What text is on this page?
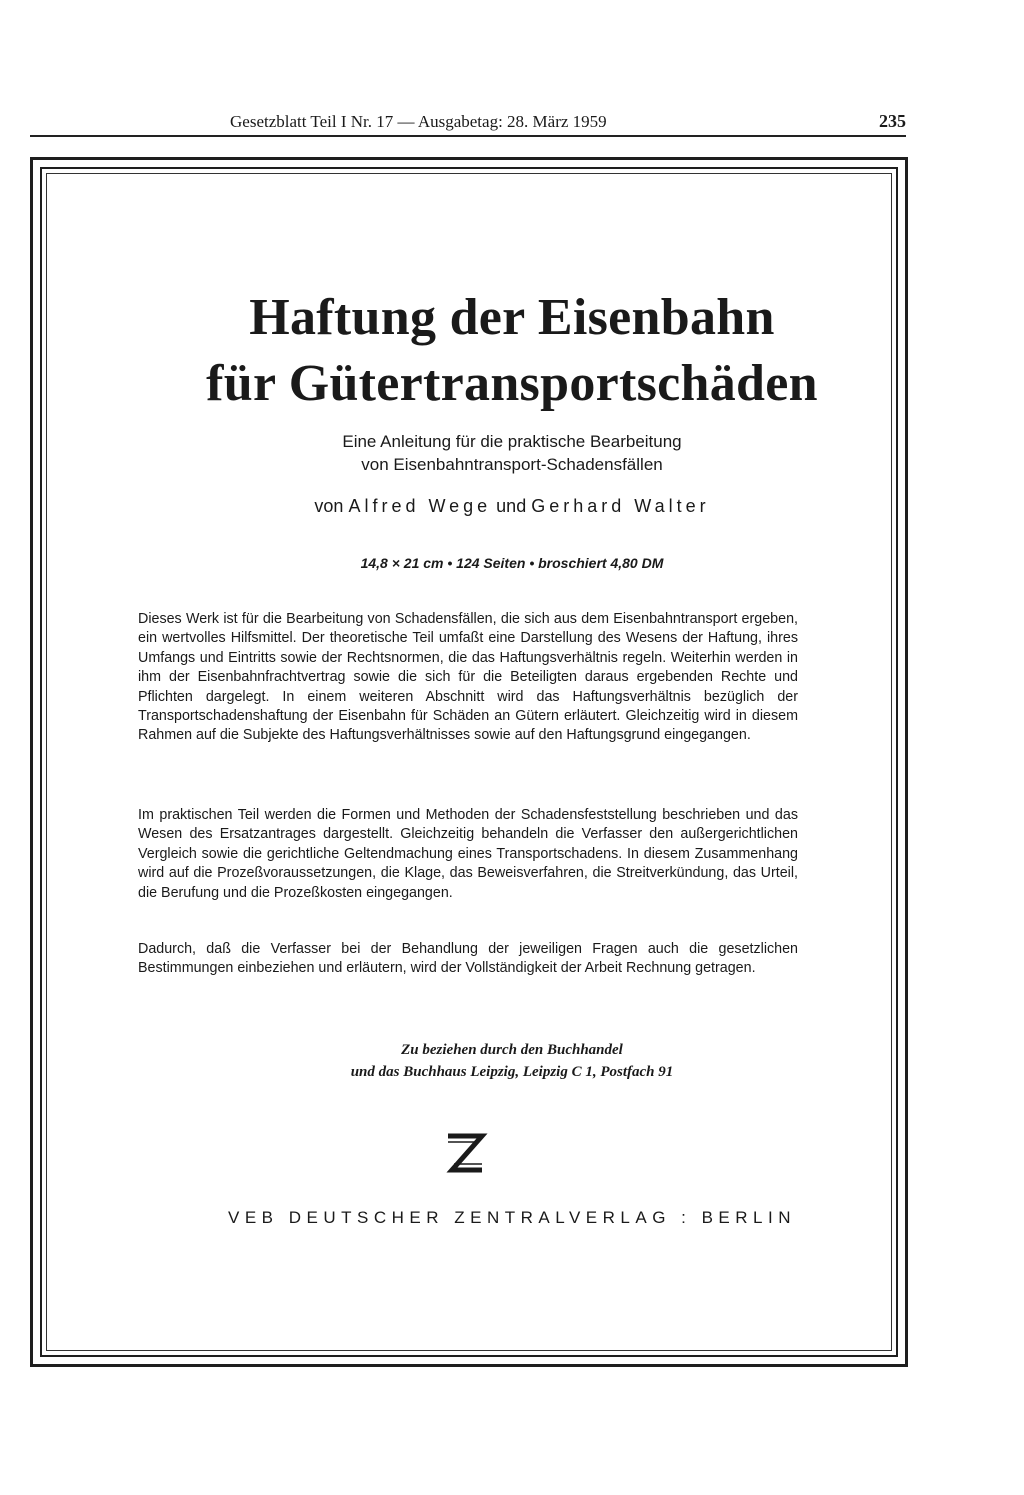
Gesetzblatt Teil I Nr. 17 — Ausgabetag: 28. März 1959	235
Haftung der Eisenbahn
für Gütertransportschäden
Eine Anleitung für die praktische Bearbeitung
von Eisenbahntransport-Schadensfällen
von Alfred Wege und Gerhard Walter
14,8 × 21 cm • 124 Seiten • broschiert 4,80 DM

Dieses Werk ist für die Bearbeitung von Schadensfällen, die sich aus dem Eisenbahntransport ergeben, ein wertvolles Hilfsmittel. Der theoretische Teil umfaßt eine Darstellung des Wesens der Haftung, ihres Umfangs und Eintritts sowie der Rechtsnormen, die das Haftungsverhältnis regeln. Weiterhin werden in ihm der Eisenbahnfrachtvertrag sowie die sich für die Beteiligten daraus ergebenden Rechte und Pflichten dargelegt. In einem weiteren Abschnitt wird das Haftungsverhältnis bezüglich der Transportschadenshaftung der Eisenbahn für Schäden an Gütern erläutert. Gleichzeitig wird in diesem Rahmen auf die Subjekte des Haftungsverhältnisses sowie auf den Haftungsgrund eingegangen.

Im praktischen Teil werden die Formen und Methoden der Schadensfeststellung beschrieben und das Wesen des Ersatzantrages dargestellt. Gleichzeitig behandeln die Verfasser den außergerichtlichen Vergleich sowie die gerichtliche Geltendmachung eines Transportschadens. In diesem Zusammenhang wird auf die Prozeßvoraussetzungen, die Klage, das Beweisverfahren, die Streitverkündung, das Urteil, die Berufung und die Prozeßkosten eingegangen.

Dadurch, daß die Verfasser bei der Behandlung der jeweiligen Fragen auch die gesetzlichen Bestimmungen einbeziehen und erläutern, wird der Vollständigkeit der Arbeit Rechnung getragen.

Zu beziehen durch den Buchhandel
und das Buchhaus Leipzig, Leipzig C 1, Postfach 91
VEB DEUTSCHER ZENTRALVERLAG : BERLIN
